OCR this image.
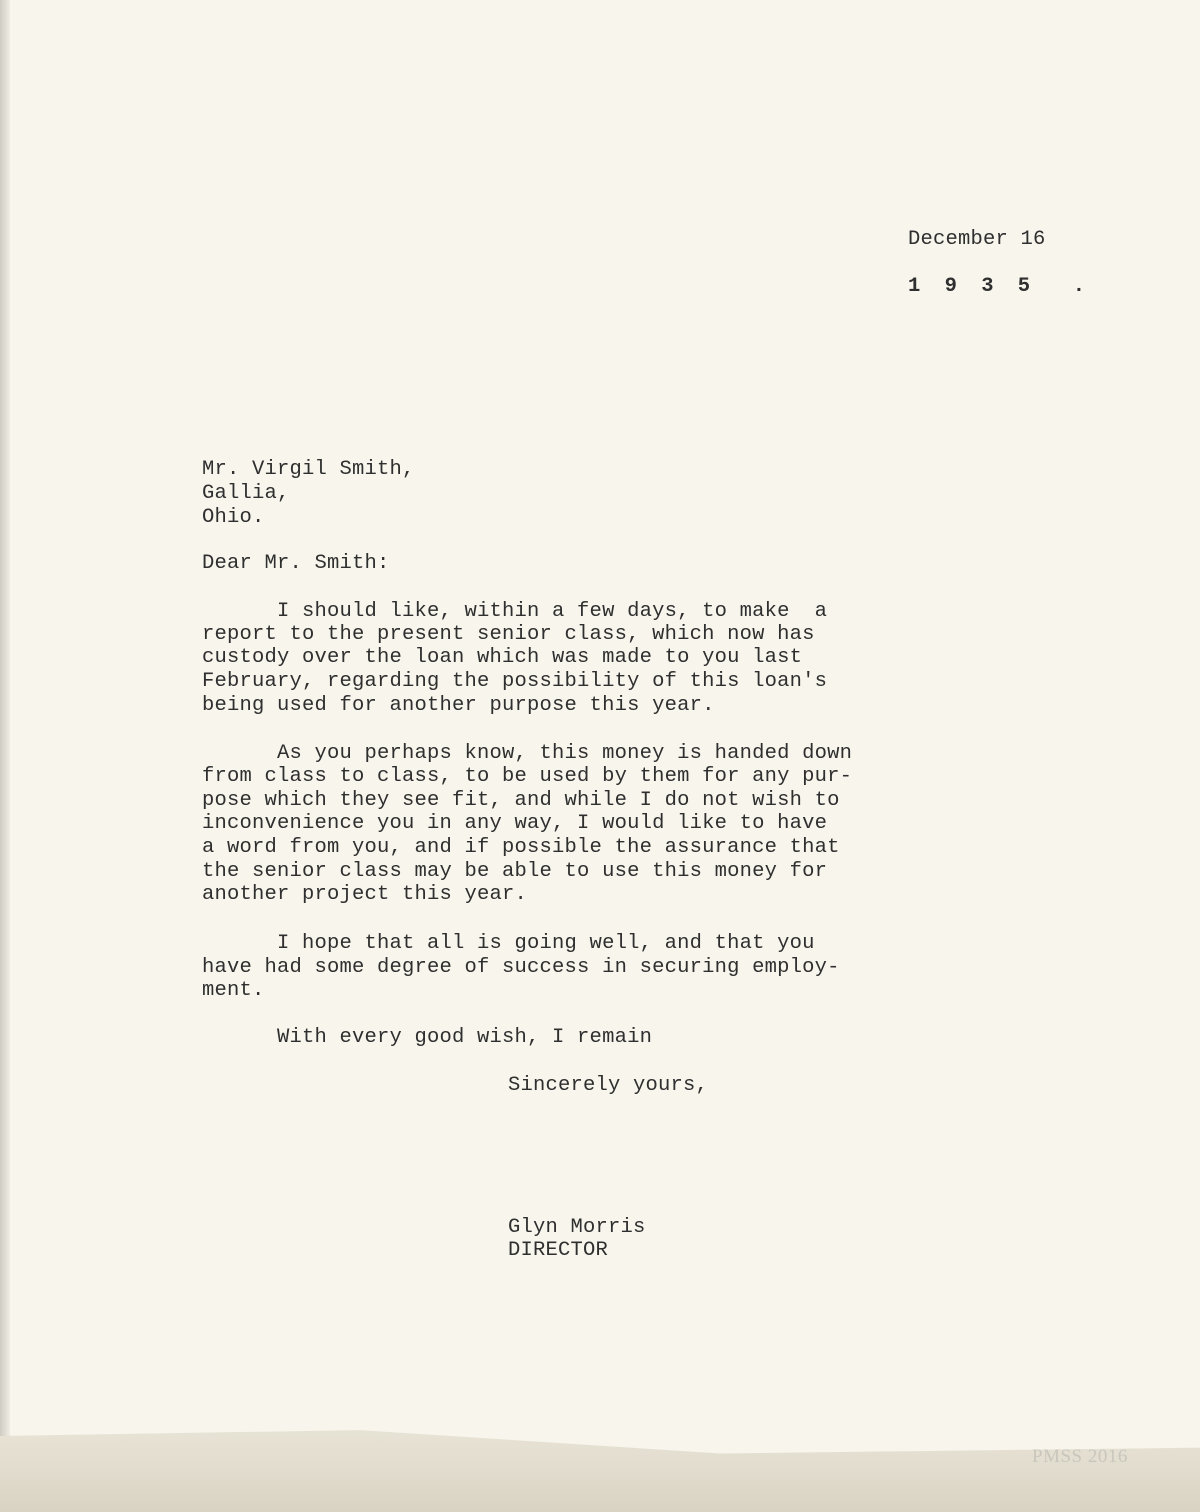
December 16
1 9 3 5  .
Mr. Virgil Smith,
Gallia,
Ohio.
Dear Mr. Smith:
I should like, within a few days, to make  a
report to the present senior class, which now has
custody over the loan which was made to you last
February, regarding the possibility of this loan's
being used for another purpose this year.
As you perhaps know, this money is handed down
from class to class, to be used by them for any pur-
pose which they see fit, and while I do not wish to
inconvenience you in any way, I would like to have
a word from you, and if possible the assurance that
the senior class may be able to use this money for
another project this year.
I hope that all is going well, and that you
have had some degree of success in securing employ-
ment.
With every good wish, I remain
Sincerely yours,
Glyn Morris
DIRECTOR
PMSS 2016
